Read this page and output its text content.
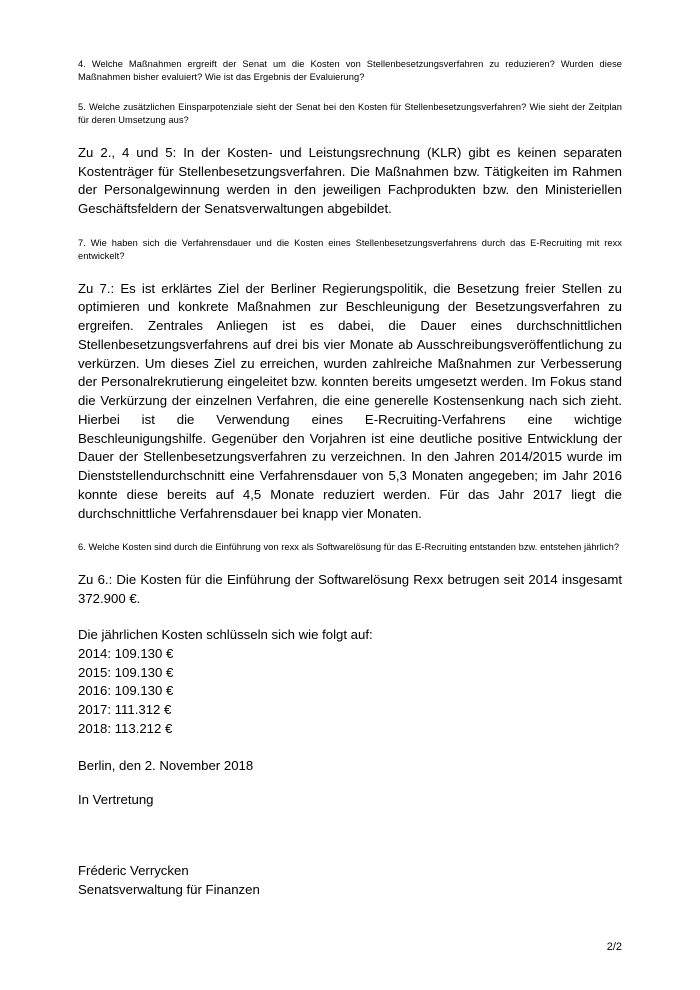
4. Welche Maßnahmen ergreift der Senat um die Kosten von Stellenbesetzungsverfahren zu reduzieren? Wurden diese Maßnahmen bisher evaluiert? Wie ist das Ergebnis der Evaluierung?

5. Welche zusätzlichen Einsparpotenziale sieht der Senat bei den Kosten für Stellenbesetzungsverfahren? Wie sieht der Zeitplan für deren Umsetzung aus?

Zu 2., 4 und 5: In der Kosten- und Leistungsrechnung (KLR) gibt es keinen separaten Kostenträger für Stellenbesetzungsverfahren. Die Maßnahmen bzw. Tätigkeiten im Rahmen der Personalgewinnung werden in den jeweiligen Fachprodukten bzw. den Ministeriellen Geschäftsfeldern der Senatsverwaltungen abgebildet.

7. Wie haben sich die Verfahrensdauer und die Kosten eines Stellenbesetzungsverfahrens durch das E-Recruiting mit rexx entwickelt?

Zu 7.: Es ist erklärtes Ziel der Berliner Regierungspolitik, die Besetzung freier Stellen zu optimieren und konkrete Maßnahmen zur Beschleunigung der Besetzungsverfahren zu ergreifen. Zentrales Anliegen ist es dabei, die Dauer eines durchschnittlichen Stellenbesetzungsverfahrens auf drei bis vier Monate ab Ausschreibungsveröffentlichung zu verkürzen. Um dieses Ziel zu erreichen, wurden zahlreiche Maßnahmen zur Verbesserung der Personalrekrutierung eingeleitet bzw. konnten bereits umgesetzt werden. Im Fokus stand die Verkürzung der einzelnen Verfahren, die eine generelle Kostensenkung nach sich zieht. Hierbei ist die Verwendung eines E-Recruiting-Verfahrens eine wichtige Beschleunigungshilfe. Gegenüber den Vorjahren ist eine deutliche positive Entwicklung der Dauer der Stellenbesetzungsverfahren zu verzeichnen. In den Jahren 2014/2015 wurde im Dienststellendurchschnitt eine Verfahrensdauer von 5,3 Monaten angegeben; im Jahr 2016 konnte diese bereits auf 4,5 Monate reduziert werden. Für das Jahr 2017 liegt die durchschnittliche Verfahrensdauer bei knapp vier Monaten.

6. Welche Kosten sind durch die Einführung von rexx als Softwarelösung für das E-Recruiting entstanden bzw. entstehen jährlich?

Zu 6.: Die Kosten für die Einführung der Softwarelösung Rexx betrugen seit 2014 insgesamt 372.900 €.

Die jährlichen Kosten schlüsseln sich wie folgt auf:

2014: 109.130 €
2015: 109.130 €
2016: 109.130 €
2017: 111.312 €
2018: 113.212 €

Berlin, den 2. November 2018

In Vertretung

Fréderic Verrycken
Senatsverwaltung für Finanzen
2/2
